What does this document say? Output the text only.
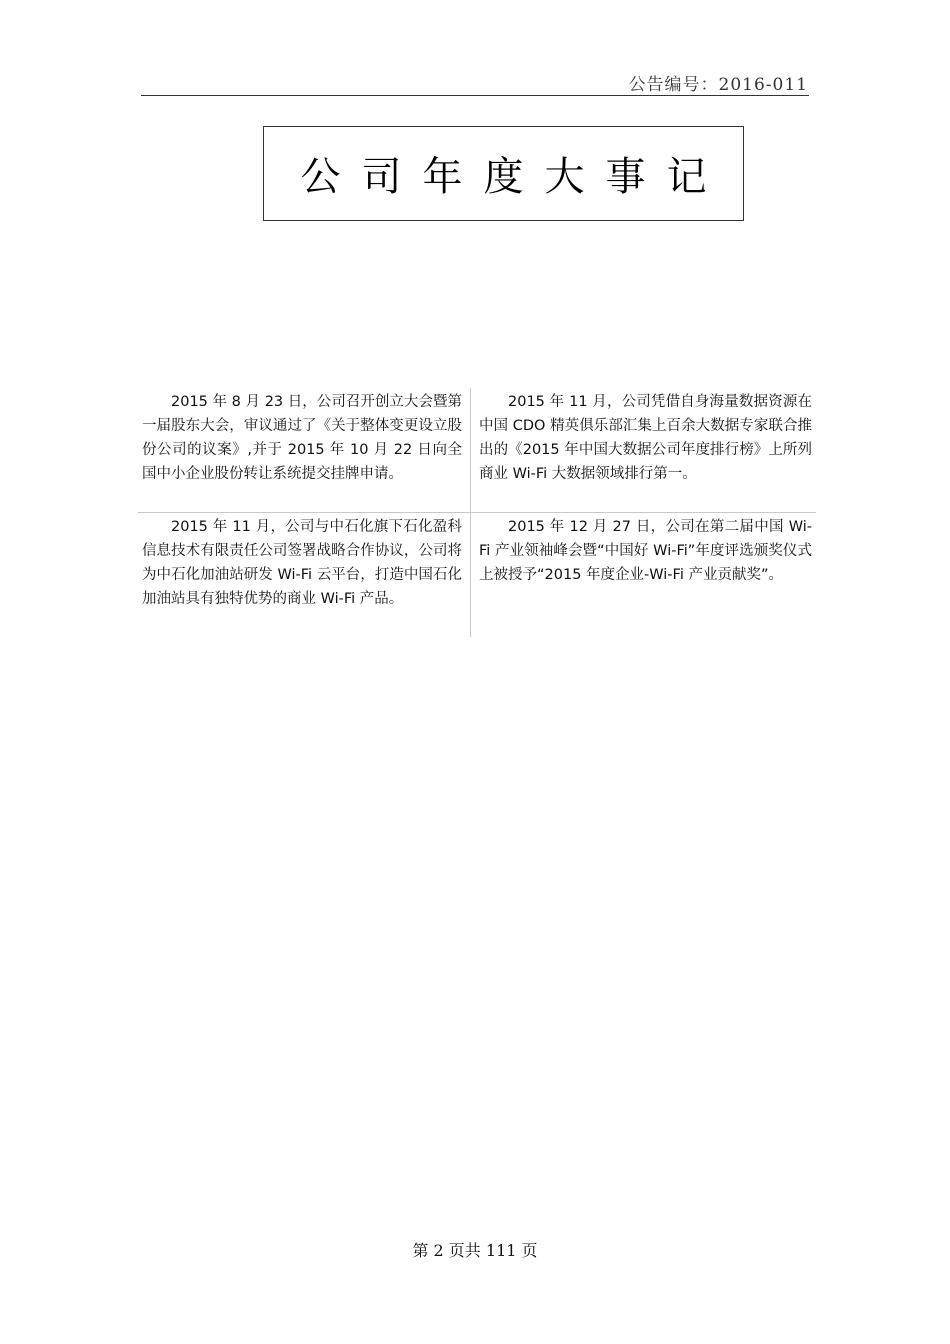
公告编号：2016-011
公司年度大事记
2015 年 8 月 23 日，公司召开创立大会暨第一届股东大会，审议通过了《关于整体变更设立股份公司的议案》,并于 2015 年 10 月 22 日向全国中小企业股份转让系统提交挂牌申请。
2015 年 11 月，公司凭借自身海量数据资源在中国 CDO 精英俱乐部汇集上百余大数据专家联合推出的《2015 年中国大数据公司年度排行榜》上所列商业 Wi-Fi 大数据领域排行第一。
2015 年 11 月，公司与中石化旗下石化盈科信息技术有限责任公司签署战略合作协议，公司将为中石化加油站研发 Wi-Fi 云平台，打造中国石化加油站具有独特优势的商业 Wi-Fi 产品。
2015 年 12 月 27 日，公司在第二届中国 Wi-Fi 产业领袖峰会暨“中国好 Wi-Fi”年度评选颁奖仪式上被授予“2015 年度企业-Wi-Fi 产业贡献奖”。
第 2 页共 111 页
